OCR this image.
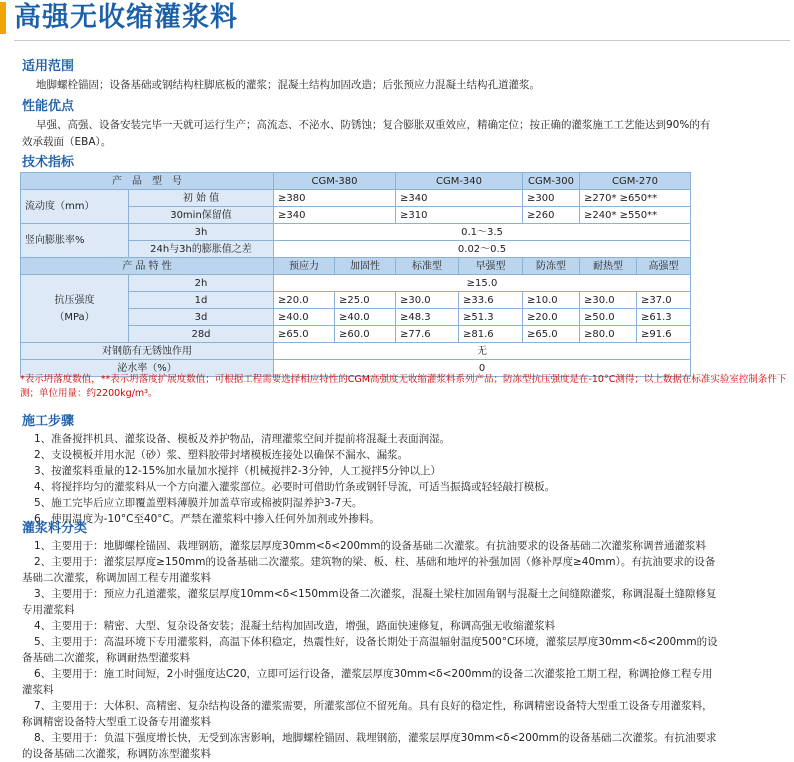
高强无收缩灌浆料
适用范围
地脚螺栓锚固；设备基础或钢结构柱脚底板的灌浆；混凝土结构加固改造；后张预应力混凝土结构孔道灌浆。
性能优点
早强、高强、设备安装完毕一天就可运行生产；高流态、不泌水、防锈蚀；复合膨胀双重效应，精确定位；按正确的灌浆施工工艺能达到90%的有效承载面（EBA）。
技术指标
产　品　型　号		CGM-380		CGM-340		CGM-300	CGM-270	
流动度（mm）	初 始 值	≥380		≥340		≥300	≥270* ≥650**	
	30min保留值	≥340		≥310		≥260	≥240* ≥550**	
竖向膨胀率%	3h	0.1～3.5						
	24h与3h的膨胀值之差	0.02～0.5						
产 品 特 性		预应力	加固性	标准型	早强型	防冻型	耐热型	高强型

抗压强度
（MPa）	2h	≥15.0						
	1d	≥20.0	≥25.0	≥30.0	≥33.6	≥10.0	≥30.0	≥37.0
	3d	≥40.0	≥40.0	≥48.3	≥51.3	≥20.0	≥50.0	≥61.3
	28d	≥65.0	≥60.0	≥77.6	≥81.6	≥65.0	≥80.0	≥91.6
对钢筋有无锈蚀作用		无						
泌水率（%）		0						
*表示坍落度数值，**表示坍落度扩展度数值；可根据工程需要选择相应特性的CGM高强度无收缩灌浆料系列产品；防冻型抗压强度是在-10°C测得；以上数据在标准实验室控制条件下测；单位用量：约2200kg/m³。
施工步骤
1、准备搅拌机具、灌浆设备、模板及养护物品，清理灌浆空间并提前将混凝土表面润湿。
2、支设模板并用水泥（砂）浆、塑料胶带封堵模板连接处以确保不漏水、漏浆。
3、按灌浆料重量的12-15%加水量加水搅拌（机械搅拌2-3分钟，人工搅拌5分钟以上）
4、将搅拌均匀的灌浆料从一个方向灌入灌浆部位。必要时可借助竹条或钢钎导流，可适当振捣或轻轻敲打模板。
5、施工完毕后应立即覆盖塑料薄膜并加盖草帘或棉被阴湿养护3-7天。
6、使用温度为-10°C至40°C。严禁在灌浆料中掺入任何外加剂或外掺料。
灌浆料分类
1、主要用于：地脚螺栓锚固、栽埋钢筋，灌浆层厚度30mm<δ<200mm的设备基础二次灌浆。有抗油要求的设备基础二次灌浆称调普通灌浆料
2、主要用于：灌浆层厚度≥150mm的设备基础二次灌浆。建筑物的梁、板、柱、基础和地坪的补强加固（修补厚度≥40mm）。有抗油要求的设备基础二次灌浆，称调加固工程专用灌浆料
3、主要用于：预应力孔道灌浆，灌浆层厚度10mm<δ<150mm设备二次灌浆，混凝土梁柱加固角钢与混凝土之间缝隙灌浆，称调混凝土缝隙修复专用灌浆料
4、主要用于：精密、大型、复杂设备安装；混凝土结构加固改造，增强，路面快速修复，称调高强无收缩灌浆料
5、主要用于：高温环境下专用灌浆料，高温下体积稳定，热震性好，设备长期处于高温辐射温度500°C环境，灌浆层厚度30mm<δ<200mm的设备基础二次灌浆，称调耐热型灌浆料
6、主要用于：施工时间短，2小时强度达C20，立即可运行设备，灌浆层厚度30mm<δ<200mm的设备二次灌浆抢工期工程，称调抢修工程专用灌浆料
7、主要用于：大体积、高精密、复杂结构设备的灌浆需要，所灌浆部位不留死角。具有良好的稳定性，称调精密设备特大型重工设备专用灌浆料，称调精密设备特大型重工设备专用灌浆料
8、主要用于：负温下强度增长快，无受到冻害影响，地脚螺栓锚固、栽埋钢筋，灌浆层厚度30mm<δ<200mm的设备基础二次灌浆。有抗油要求的设备基础二次灌浆，称调防冻型灌浆料
